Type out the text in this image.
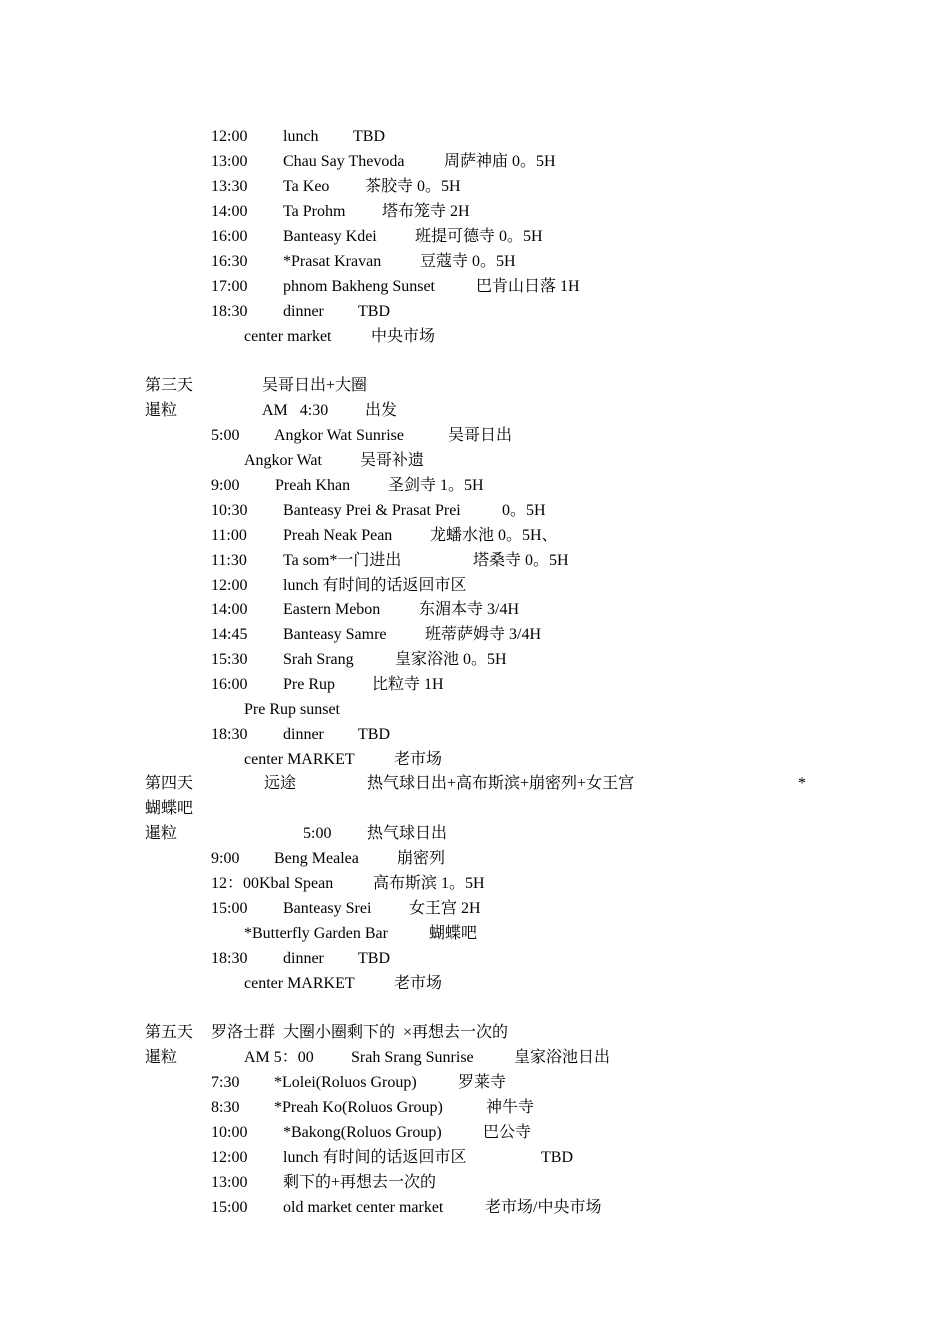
12:00 lunch TBD
13:00 Chau Say Thevoda 周萨神庙 0。5H
13:30 Ta Keo 茶胶寺 0。5H
14:00 Ta Prohm 塔布笼寺 2H
16:00 Banteasy Kdei 班提可德寺 0。5H
16:30 *Prasat Kravan 豆蔻寺 0。5H
17:00 phnom Bakheng Sunset	巴肯山日落 1H
18:30 dinner TBD
center market 中央市场
第三天	吴哥日出+大圈
暹粒	AM   4:30 出发
5:00 Angkor Wat Sunrise	吴哥日出
Angkor Wat 吴哥补遗
9:00 Preah Khan 圣剑寺 1。5H
10:30 Banteasy Prei & Prasat Prei	0。5H
11:00 Preah Neak Pean 龙蟠水池 0。5H、
11:30 Ta som*一门进出	塔桑寺 0。5H
12:00 lunch 有时间的话返回市区
14:00 Eastern Mebon 东湄本寺 3/4H
14:45 Banteasy Samre 班蒂萨姆寺 3/4H
15:30 Srah Srang	皇家浴池 0。5H
16:00 Pre Rup 比粒寺 1H
Pre Rup sunset
18:30 dinner TBD
center MARKET 老市场
第四天	远途	热气球日出+高布斯滨+崩密列+女王宫	*
蝴蝶吧
暹粒	5:00 热气球日出
9:00 Beng Mealea 崩密列
12：00Kbal Spean 高布斯滨 1。5H
15:00 Banteasy Srei 女王宫 2H
*Butterfly Garden Bar	蝴蝶吧
18:30 dinner TBD
center MARKET 老市场
第五天 罗洛士群  大圈小圈剩下的  ×再想去一次的
暹粒	AM 5：00 Srah Srang Sunrise	皇家浴池日出
7:30 *Lolei(Roluos Group)	罗莱寺
8:30 *Preah Ko(Roluos Group)	神牛寺
10:00 *Bakong(Roluos Group)	巴公寺
12:00 lunch 有时间的话返回市区	TBD
13:00 剩下的+再想去一次的
15:00 old market center market	老市场/中央市场
